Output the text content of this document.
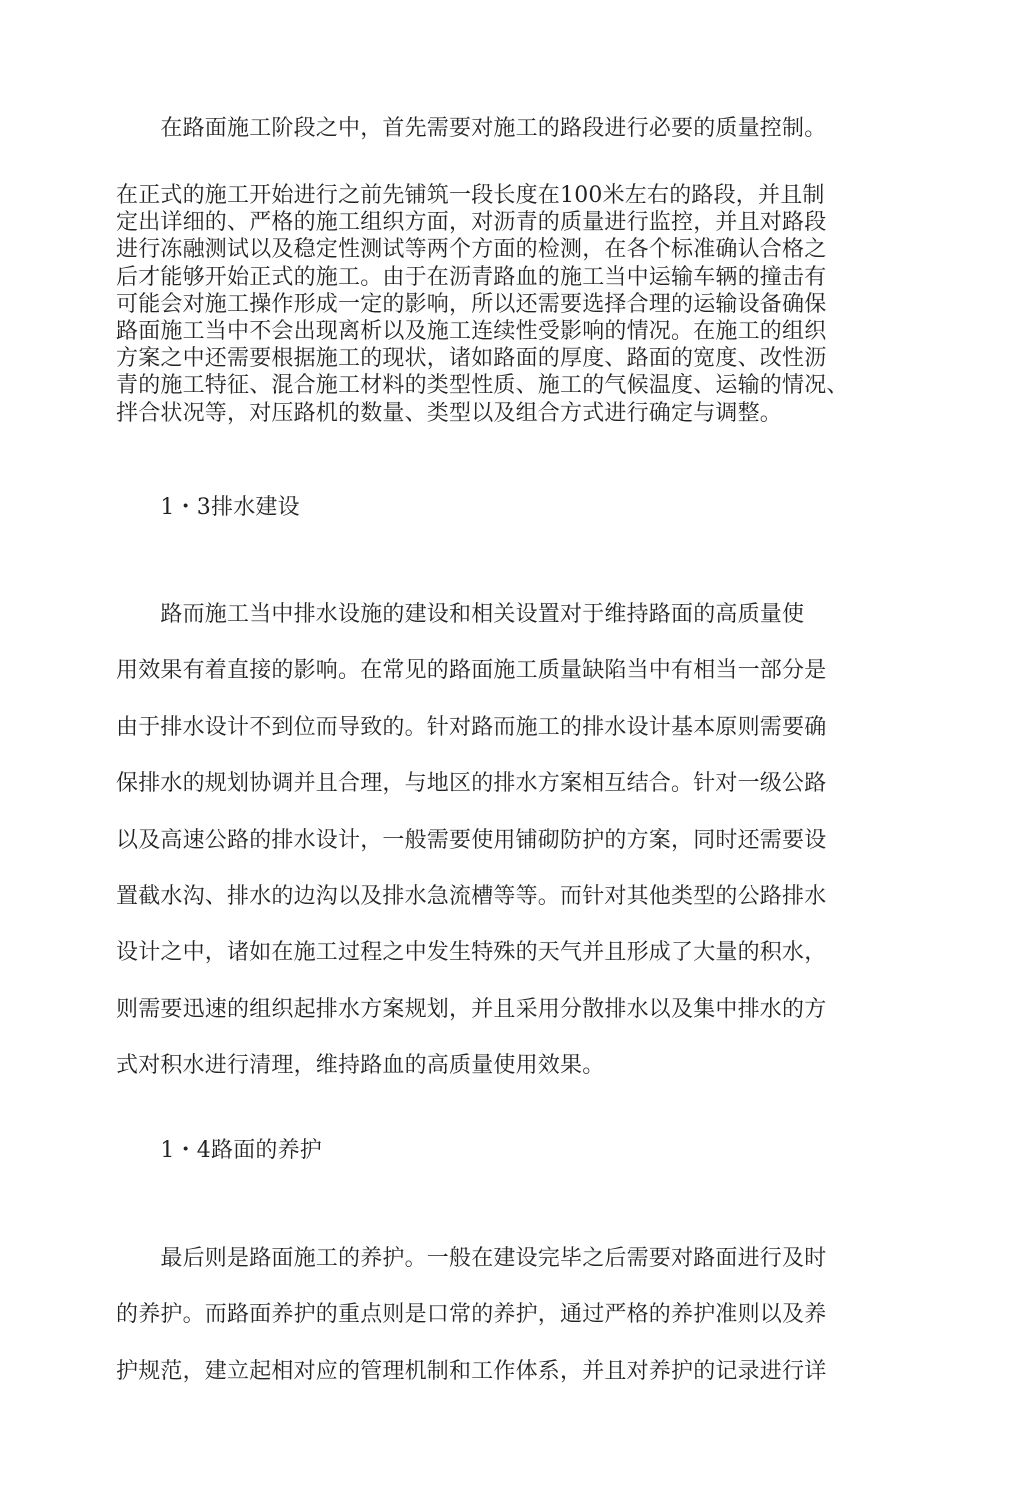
　　在路面施工阶段之中，首先需要对施工的路段进行必要的质量控制。

在正式的施工开始进行之前先铺筑一段长度在100米左右的路段，并且制
定出详细的、严格的施工组织方面，对沥青的质量进行监控，并且对路段
进行冻融测试以及稳定性测试等两个方面的检测，在各个标准确认合格之
后才能够开始正式的施工。由于在沥青路血的施工当中运输车辆的撞击有
可能会对施工操作形成一定的影响，所以还需要选择合理的运输设备确保
路面施工当中不会出现离析以及施工连续性受影响的情况。在施工的组织
方案之中还需要根据施工的现状，诸如路面的厚度、路面的宽度、改性沥
青的施工特征、混合施工材料的类型性质、施工的气候温度、运输的情况、
拌合状况等，对压路机的数量、类型以及组合方式进行确定与调整。

　　1・3排水建设

　　路而施工当中排水设施的建设和相关设置对于维持路面的高质量使
用效果有着直接的影响。在常见的路面施工质量缺陷当中有相当一部分是
由于排水设计不到位而导致的。针对路而施工的排水设计基本原则需要确
保排水的规划协调并且合理，与地区的排水方案相互结合。针对一级公路
以及高速公路的排水设计，一般需要使用铺砌防护的方案，同时还需要设
置截水沟、排水的边沟以及排水急流槽等等。而针对其他类型的公路排水
设计之中，诸如在施工过程之中发生特殊的天气并且形成了大量的积水，
则需要迅速的组织起排水方案规划，并且采用分散排水以及集中排水的方
式对积水进行清理，维持路血的高质量使用效果。

　　1・4路面的养护

　　最后则是路面施工的养护。一般在建设完毕之后需要对路面进行及时
的养护。而路面养护的重点则是口常的养护，通过严格的养护准则以及养
护规范，建立起相对应的管理机制和工作体系，并且对养护的记录进行详
